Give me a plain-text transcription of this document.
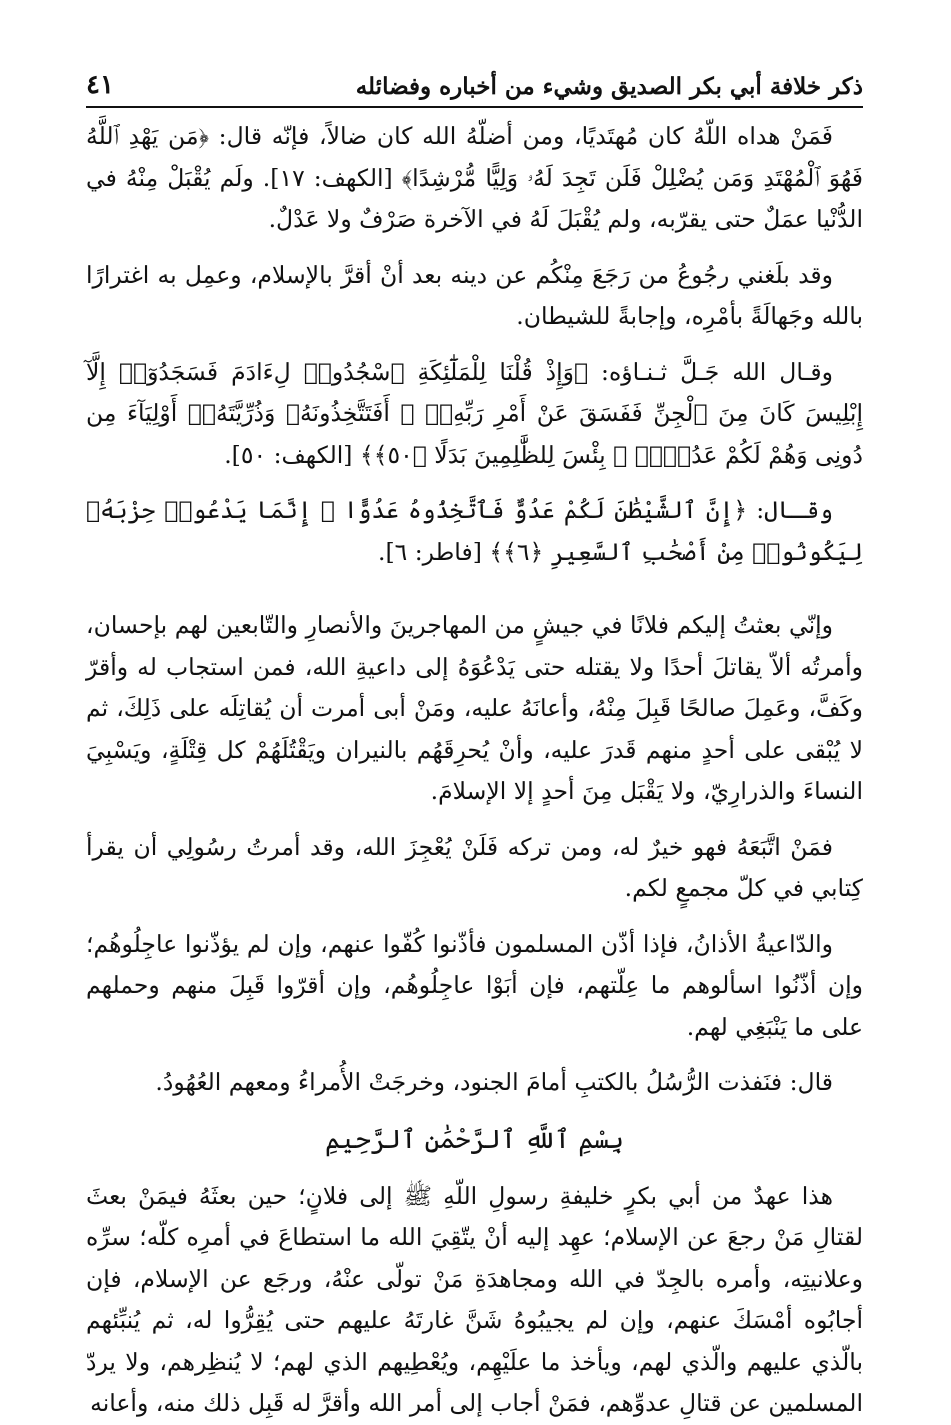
ذكر خلافة أبي بكر الصديق وشيء من أخباره وفضائله
٤١

فَمَنْ هداه اللّهُ كان مُهتَديًا، ومن أضلّهُ الله كان ضالاً، فإنّه قال: ﴿مَن يَهْدِ ٱللَّهُ فَهُوَ ٱلْمُهْتَدِ وَمَن يُضْلِلْ فَلَن تَجِدَ لَهُۥ وَلِيًّا مُّرْشِدًا﴾ [الكهف: ١٧]. ولَم يُقْبَلْ مِنْهُ في الدُّنْيا عمَلٌ حتى يقرّبه، ولم يُقْبَلَ لَهُ في الآخرة صَرْفٌ ولا عَدْلٌ.

وقد بلَغني رجُوعُ من رَجَعَ مِنْكُم عن دينه بعد أنْ أقرَّ بالإسلام، وعمِل به اغترارًا بالله وجَهالَةً بأمْرِه، وإجابةً للشيطان.

وقـال الله جَـلَّ ثـنـاؤه: ﴿وَإِذْ قُلْنَا لِلْمَلَٰٓئِكَةِ ٱسْجُدُوا۟ لِءَادَمَ فَسَجَدُوٓا۟ إِلَّآ إِبْلِيسَ كَانَ مِنَ ٱلْجِنِّ فَفَسَقَ عَنْ أَمْرِ رَبِّهِۦٓ ۗ أَفَتَتَّخِذُونَهُۥ وَذُرِّيَّتَهُۥٓ أَوْلِيَآءَ مِن دُونِى وَهُمْ لَكُمْ عَدُوٌّۢ ۚ بِئْسَ لِلظَّٰلِمِينَ بَدَلًا ﴿٥٠﴾﴾ [الكهف: ٥٠].

وقـال: ﴿إِنَّ ٱلشَّيْطَٰنَ لَكُمْ عَدُوٌّ فَٱتَّخِذُوهُ عَدُوًّا ۚ إِنَّمَا يَدْعُوا۟ حِزْبَهُۥ لِيَكُونُوا۟ مِنْ أَصْحَٰبِ ٱلسَّعِيرِ ﴿٦﴾﴾ [فاطر: ٦].

وإنّي بعثتُ إليكم فلانًا في جيشٍ من المهاجرينَ والأنصارِ والتّابعين لهم بإحسان، وأمرتُه ألاّ يقاتلَ أحدًا ولا يقتله حتى يَدْعُوَهُ إلى داعيةِ الله، فمن استجاب له وأقرّ وكَفَّ، وعَمِلَ صالحًا قَبِلَ مِنْهُ، وأعانَهُ عليه، ومَنْ أبى أمرت أن يُقاتِلَه على ذَلِكَ، ثم لا يُبْقى على أحدٍ منهم قَدرَ عليه، وأنْ يُحرِقَهُم بالنيران ويَقْتُلَهُمْ كل قِتْلَةٍ، ويَسْبِيَ النساءَ والذرارِيّ، ولا يَقْبَل مِنَ أحدٍ إلا الإسلامَ.

فمَنْ اتَّبَعَهُ فهو خيرٌ له، ومن تركه فَلَنْ يُعْجِزَ الله، وقد أمرتُ رسُولِي أن يقرأ كِتابي في كلّ مجمعٍ لكم.

والدّاعيةُ الأذانُ، فإذا أذّن المسلمون فأذّنوا كُفّوا عنهم، وإن لم يؤذّنوا عاجِلُوهُم؛ وإن أذّنُوا اسألوهم ما عِلّتهم، فإن أبَوْا عاجِلُوهُم، وإن أقرّوا قَبِلَ منهم وحملهم على ما يَنْبَغِي لهم.

قال: فنَفذت الرُّسُلُ بالكتبِ أمامَ الجنود، وخرجَتْ الأُمراءُ ومعهم العُهُودُ.

بِسْمِ ٱللَّهِ ٱلرَّحْمَٰنِ ٱلرَّحِيمِ

هذا عهدٌ من أبي بكرٍ خليفةِ رسولِ اللّهِ ﷺ إلى فلانٍ؛ حين بعثَهُ فيمَنْ بعثَ لقتالِ مَنْ رجعَ عن الإسلام؛ عهِد إليه أنْ يتّقِيَ الله ما استطاعَ في أمرِه كلّه؛ سرِّه وعلانيتِه، وأمره بالجِدّ في الله ومجاهدَةِ مَنْ تولّى عنْهُ، ورجَع عن الإسلام، فإن أجابُوه أمْسَكَ عنهم، وإن لم يجيبُوهُ شَنَّ غارتَهُ عليهم حتى يُقِرُّوا له، ثم يُنبِّئهم بالّذي عليهم والّذي لهم، ويأخذ ما علَيْهِم، ويُعْطِيهم الذي لهم؛ لا يُنظِرهم، ولا يردّ المسلمين عن قتالِ عدوِّهم، فمَنْ أجاب إلى أمر الله وأقرَّ له قَبِل ذلك منه، وأعانه
